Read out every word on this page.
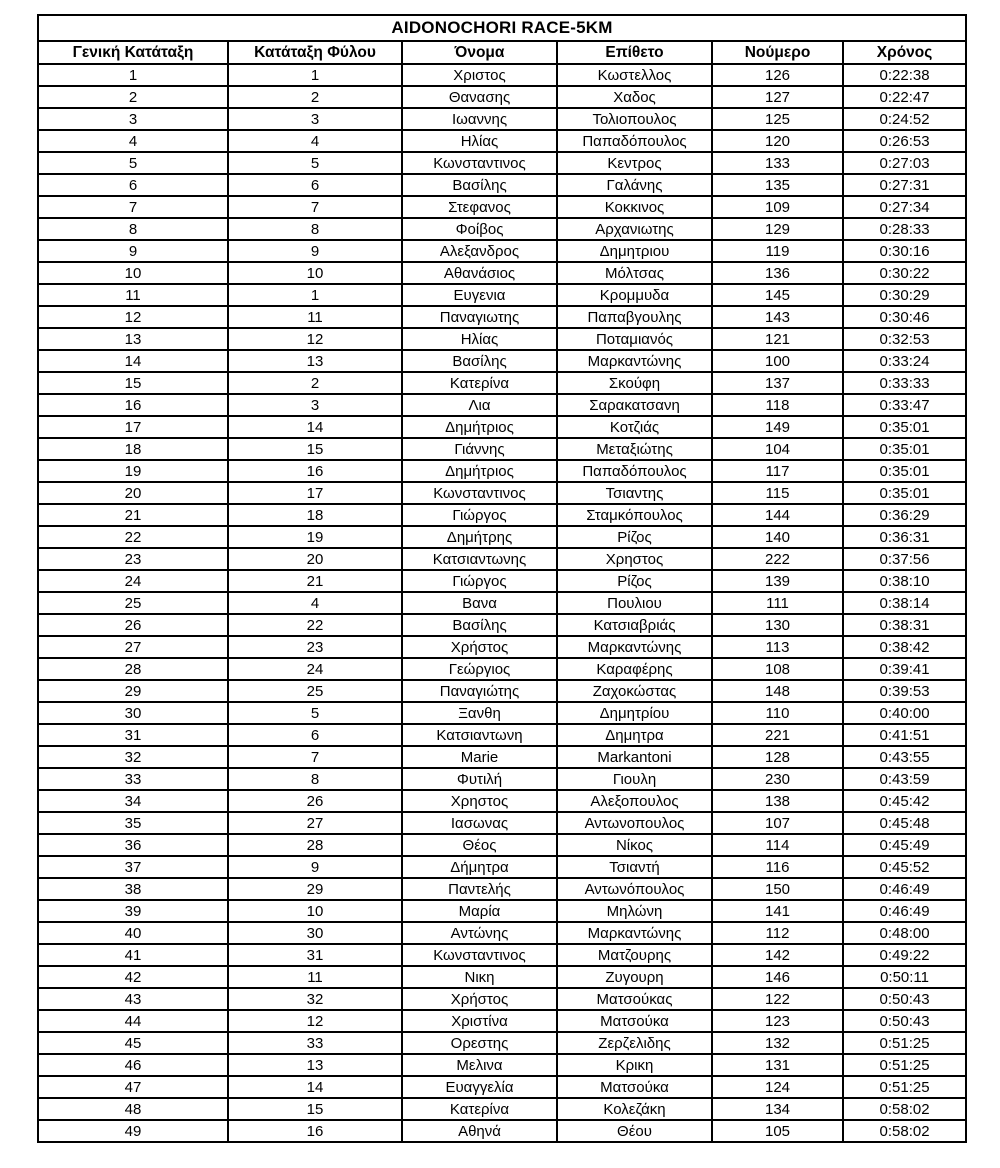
AIDONOCHORI RACE-5KM					
Γενική Κατάταξη	Κατάταξη Φύλου	Όνομα	Επίθετο	Νούμερο	Χρόνος
1	1	Χριστος	Κωστελλος	126	0:22:38
2	2	Θανασης	Χαδος	127	0:22:47
3	3	Ιωαννης	Τολιοπουλος	125	0:24:52
4	4	Ηλίας	Παπαδόπουλος	120	0:26:53
5	5	Κωνσταντινος	Κεντρος	133	0:27:03
6	6	Βασίλης	Γαλάνης	135	0:27:31
7	7	Στεφανος	Κοκκινος	109	0:27:34
8	8	Φοίβος	Αρχανιωτης	129	0:28:33
9	9	Αλεξανδρος	Δημητριου	119	0:30:16
10	10	Αθανάσιος	Μόλτσας	136	0:30:22
11	1	Ευγενια	Κρομμυδα	145	0:30:29
12	11	Παναγιωτης	Παπαβγουλης	143	0:30:46
13	12	Ηλίας	Ποταμιανός	121	0:32:53
14	13	Βασίλης	Μαρκαντώνης	100	0:33:24
15	2	Κατερίνα	Σκούφη	137	0:33:33
16	3	Λια	Σαρακατσανη	118	0:33:47
17	14	Δημήτριος	Κοτζιάς	149	0:35:01
18	15	Γιάννης	Μεταξιώτης	104	0:35:01
19	16	Δημήτριος	Παπαδόπουλος	117	0:35:01
20	17	Κωνσταντινος	Τσιαντης	115	0:35:01
21	18	Γιώργος	Σταμκόπουλος	144	0:36:29
22	19	Δημήτρης	Ρίζος	140	0:36:31
23	20	Κατσιαντωνης	Χρηστος	222	0:37:56
24	21	Γιώργος	Ρίζος	139	0:38:10
25	4	Βανα	Πουλιου	111	0:38:14
26	22	Βασίλης	Κατσιαβριάς	130	0:38:31
27	23	Χρήστος	Μαρκαντώνης	113	0:38:42
28	24	Γεώργιος	Καραφέρης	108	0:39:41
29	25	Παναγιώτης	Ζαχοκώστας	148	0:39:53
30	5	Ξανθη	Δημητρίου	110	0:40:00
31	6	Κατσιαντωνη	Δημητρα	221	0:41:51
32	7	Marie	Markantoni	128	0:43:55
33	8	Φυτιλή	Γιουλη	230	0:43:59
34	26	Χρηστος	Αλεξοπουλος	138	0:45:42
35	27	Ιασωνας	Αντωνοπουλος	107	0:45:48
36	28	Θέος	Νίκος	114	0:45:49
37	9	Δήμητρα	Τσιαντή	116	0:45:52
38	29	Παντελής	Αντωνόπουλος	150	0:46:49
39	10	Μαρία	Μηλώνη	141	0:46:49
40	30	Αντώνης	Μαρκαντώνης	112	0:48:00
41	31	Κωνσταντινος	Ματζουρης	142	0:49:22
42	11	Νικη	Ζυγουρη	146	0:50:11
43	32	Χρήστος	Ματσούκας	122	0:50:43
44	12	Χριστίνα	Ματσούκα	123	0:50:43
45	33	Ορεστης	Ζερζελιδης	132	0:51:25
46	13	Μελινα	Κρικη	131	0:51:25
47	14	Ευαγγελία	Ματσούκα	124	0:51:25
48	15	Κατερίνα	Κολεζάκη	134	0:58:02
49	16	Αθηνά	Θέου	105	0:58:02
